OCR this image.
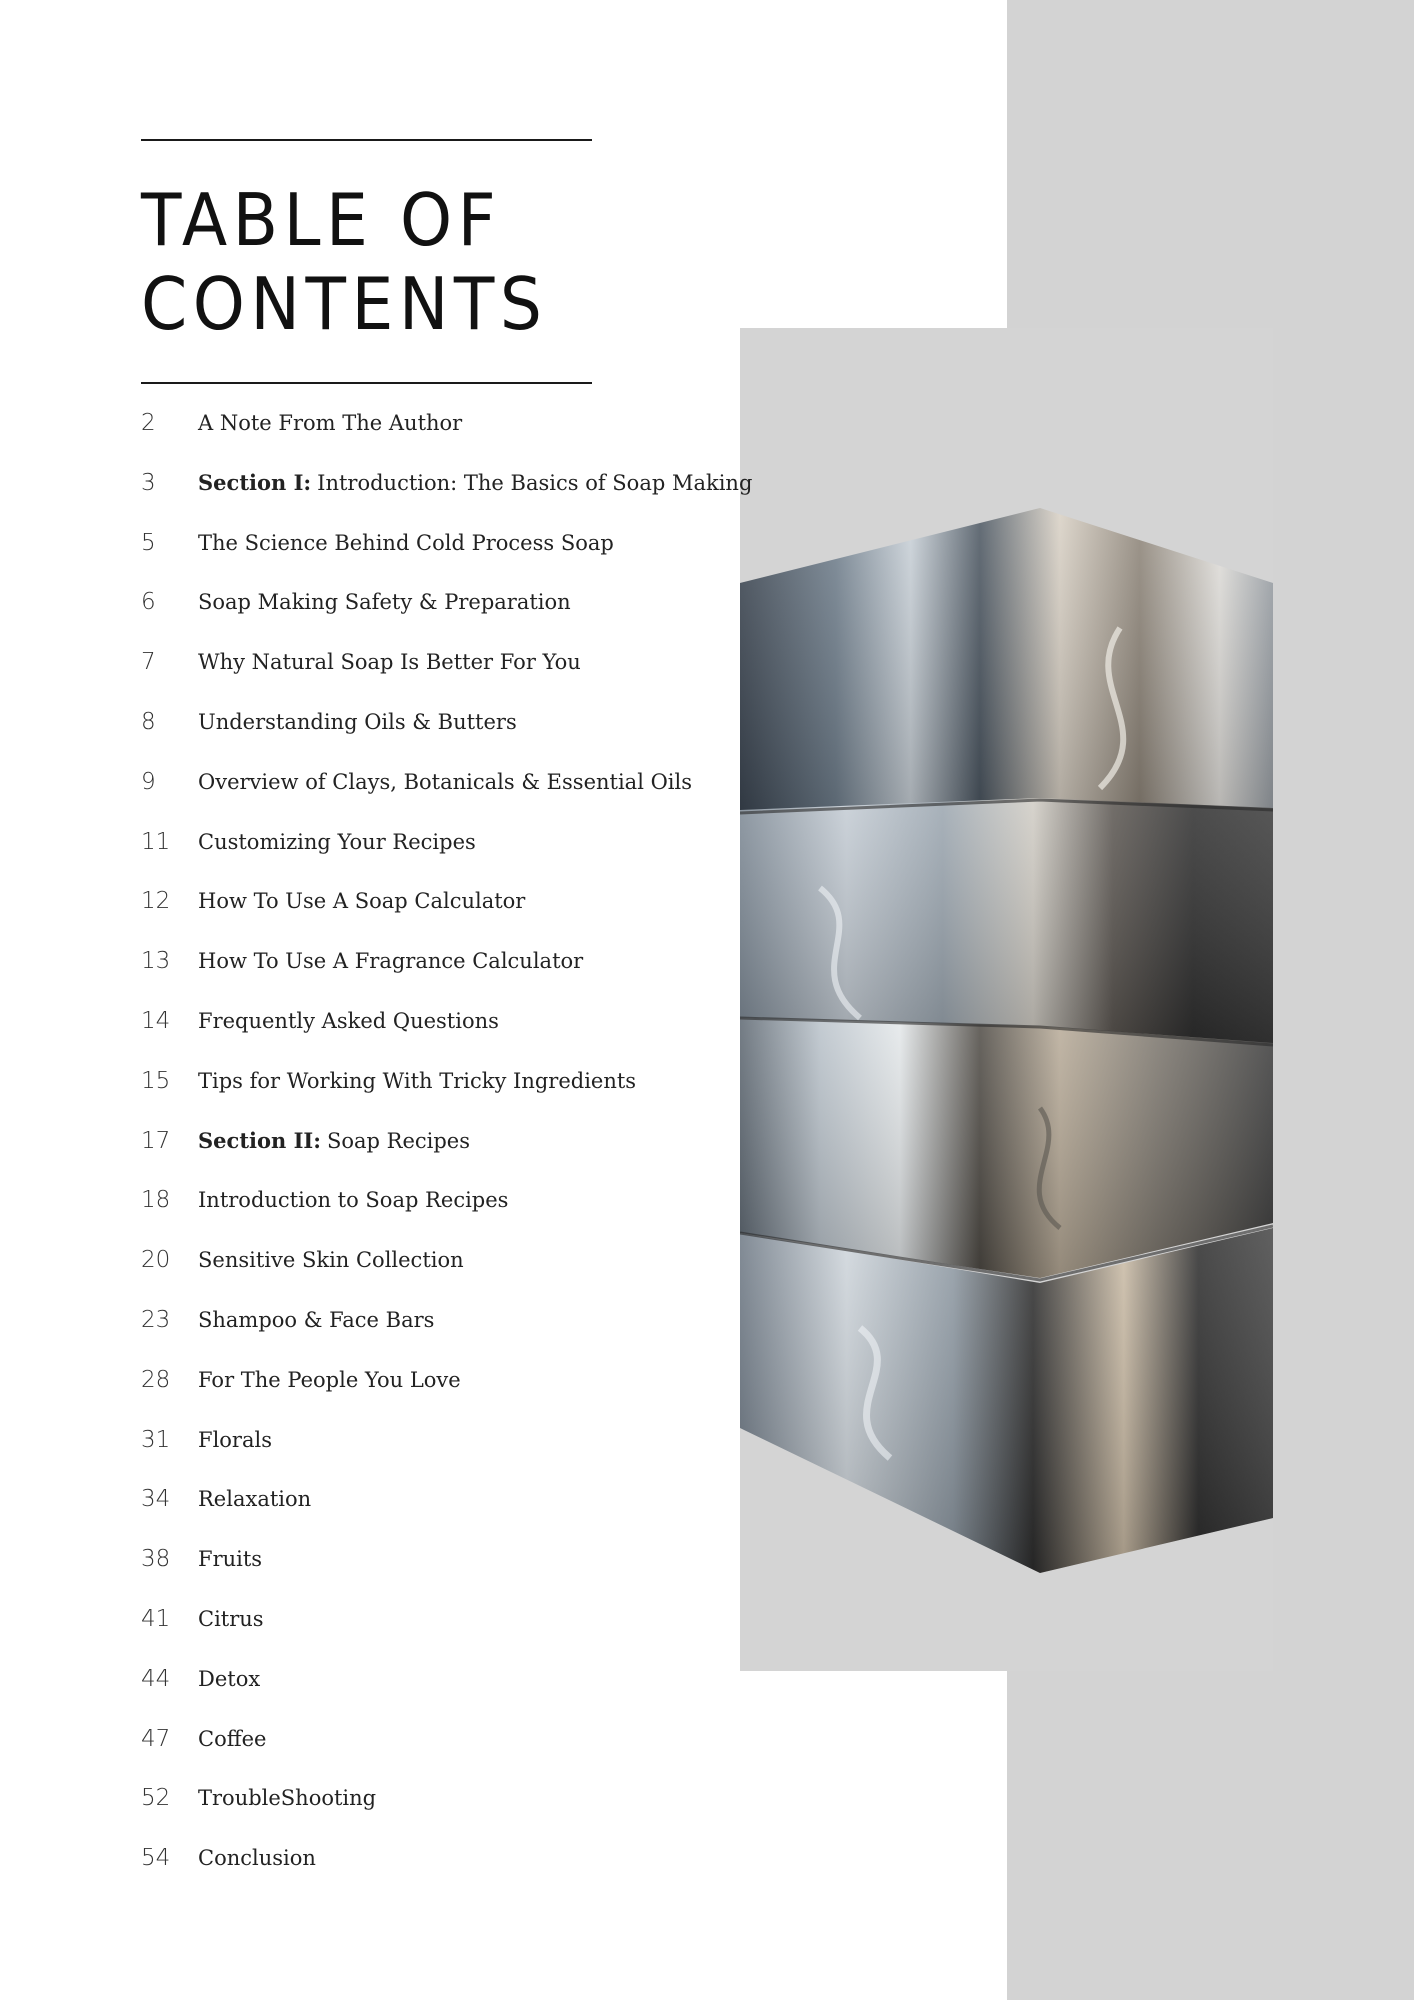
TABLE OF
CONTENTS
2	A Note From The Author
3	Section I: Introduction: The Basics of Soap Making
5	The Science Behind Cold Process Soap
6	Soap Making Safety & Preparation
7	Why Natural Soap Is Better For You
8	Understanding Oils & Butters
9	Overview of Clays, Botanicals & Essential Oils
11	Customizing Your Recipes
12	How To Use A Soap Calculator
13	How To Use A Fragrance Calculator
14	Frequently Asked Questions
15	Tips for Working With Tricky Ingredients
17	Section II: Soap Recipes
18	Introduction to Soap Recipes
20	Sensitive Skin Collection
23	Shampoo & Face Bars
28	For The People You Love
31	Florals
34	Relaxation
38	Fruits
41	Citrus
44	Detox
47	Coffee
52	TroubleShooting
54	Conclusion
